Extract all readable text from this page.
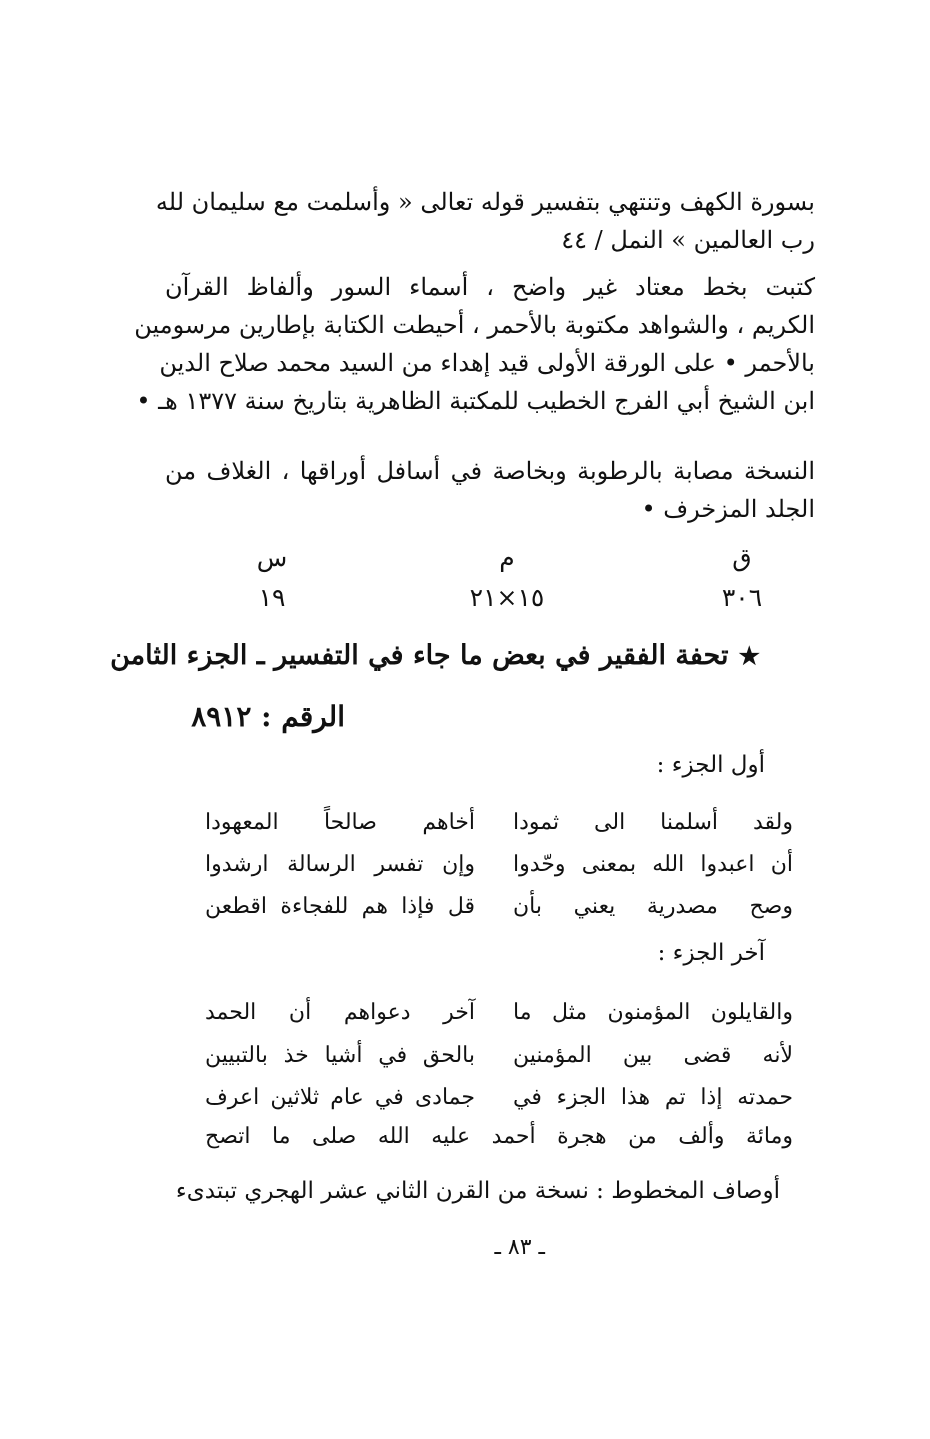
بسورة الكهف وتنتهي بتفسير قوله تعالى « وأسلمت مع سليمان لله
رب العالمين » النمل / ٤٤
كتبت بخط معتاد غير واضح ، أسماء السور وألفاظ القرآن
الكريم ، والشواهد مكتوبة بالأحمر ، أحيطت الكتابة بإطارين مرسومين
بالأحمر • على الورقة الأولى قيد إهداء من السيد محمد صلاح الدين
ابن الشيخ أبي الفرج الخطيب للمكتبة الظاهرية بتاريخ سنة ١٣٧٧ هـ •
النسخة مصابة بالرطوبة وبخاصة في أسافل أوراقها ، الغلاف من
الجلد المزخرف •
ق
م
س
٣٠٦
١٥×٢١
١٩
★تحفة الفقير في بعض ما جاء في التفسير ـ الجزء الثامن
الرقم : ٨٩١٢
أول الجزء :
ولقد أسلمنا الى ثمودا
أخاهم صالحاً المعهودا
أن اعبدوا الله بمعنى وحّدوا
وإن تفسر الرسالة ارشدوا
وصح مصدرية يعني بأن
قل فإذا هم للفجاءة اقطعن
آخر الجزء :
والقايلون المؤمنون مثل ما
آخر دعواهم أن الحمد
لأنه قضى بين المؤمنين
بالحق في أشيا خذ بالتبيين
حمدته إذا تم هذا الجزء في
جمادى في عام ثلاثين اعرف
ومائة وألف من هجرة أحمد عليه الله صلى ما اتصح
أوصاف المخطوط : نسخة من القرن الثاني عشر الهجري تبتدىء
ـ ٨٣ ـ
